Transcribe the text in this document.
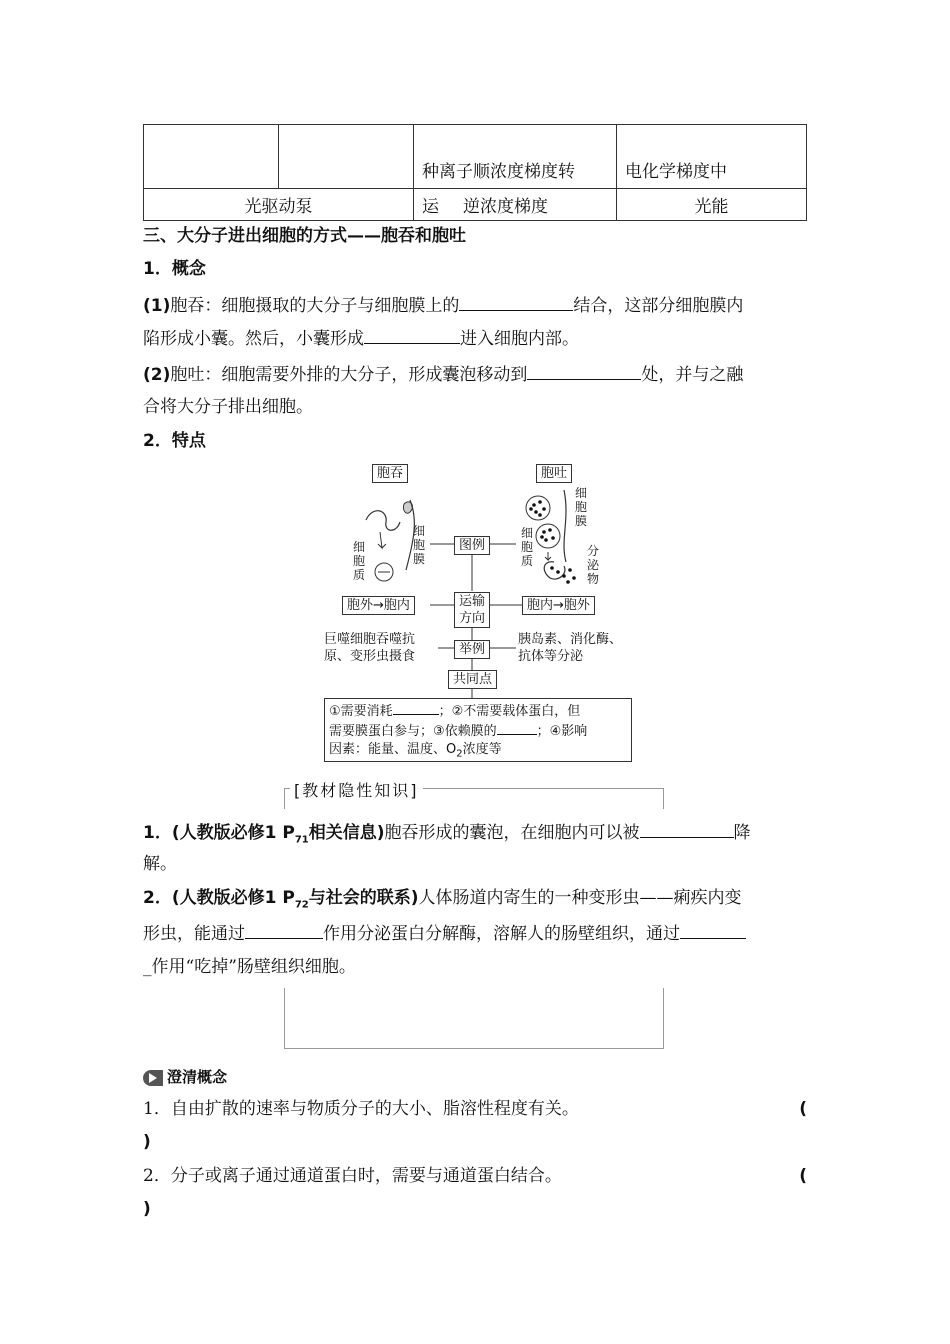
		种离子顺浓度梯度转	电化学梯度中
光驱动泵		运 逆浓度梯度	光能
三、大分子进出细胞的方式——胞吞和胞吐
1．概念
(1)胞吞：细胞摄取的大分子与细胞膜上的	结合，这部分细胞膜内
陷形成小囊。然后，小囊形成	进入细胞内部。
(2)胞吐：细胞需要外排的大分子，形成囊泡移动到	处，并与之融
合将大分子排出细胞。
2．特点
胞吞	胞吐
细胞膜
细胞质
细胞膜
细胞质
分泌物
图例
运输方向
胞外→胞内	胞内→胞外
举例
巨噬细胞吞噬抗
原、变形虫摄食
胰岛素、消化酶、
抗体等分泌
共同点
①需要消耗	；②不需要载体蛋白，但
需要膜蛋白参与；③依赖膜的	；④影响
因素：能量、温度、$O_2$浓度等
[教材隐性知识]
1．(人教版必修1 $P_{71}$相关信息)胞吞形成的囊泡，在细胞内可以被	降
解。
2．(人教版必修1 $P_{72}$与社会的联系)人体肠道内寄生的一种变形虫——痢疾内变
形虫，能通过	作用分泌蛋白分解酶，溶解人的肠壁组织，通过
_作用“吃掉”肠壁组织细胞。
澄清概念
1．自由扩散的速率与物质分子的大小、脂溶性程度有关。	(
)
2．分子或离子通过通道蛋白时，需要与通道蛋白结合。	(
)
